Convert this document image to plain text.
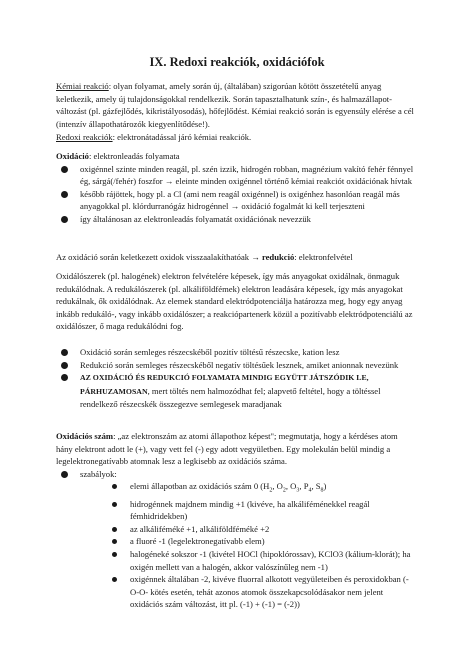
IX. Redoxi reakciók, oxidációfok
Kémiai reakció: olyan folyamat, amely során új, (általában) szigorúan kötött összetételű anyag keletkezik, amely új tulajdonságokkal rendelkezik. Során tapasztalhatunk szín-, és halmazállapot-változást (pl. gázfejlődés, kikristályosodás), hőfejlődést. Kémiai reakció során is egyensúly elérése a cél (intenzív állapothatározók kiegyenlítődése!).
Redoxi reakciók: elektronátadással járó kémiai reakciók.
Oxidáció: elektronleadás folyamata
oxigénnel szinte minden reagál, pl. szén izzik, hidrogén robban, magnézium vakító fehér fénnyel ég, sárgá(/fehér) foszfor → eleinte minden oxigénnel történő kémiai reakciót oxidációnak hívtak
később rájöttek, hogy pl. a Cl (ami nem reagál oxigénnel) is oxigénhez hasonlóan reagál más anyagokkal pl. klórdurranógáz hidrogénnel → oxidáció fogalmát ki kell terjeszteni
így általánosan az elektronleadás folyamatát oxidációnak nevezzük
Az oxidáció során keletkezett oxidok visszaalakíthatóak → redukció: elektronfelvétel
Oxidálószerek (pl. halogének) elektron felvételére képesek, így más anyagokat oxidálnak, önmaguk redukálódnak. A redukálószerek (pl. alkáliföldfémek) elektron leadására képesek, így más anyagokat redukálnak, ők oxidálódnak. Az elemek standard elektródpotenciálja határozza meg, hogy egy anyag inkább redukáló-, vagy inkább oxidálószer; a reakciópartenerk közül a pozitívabb elektródpotenciálú az oxidálószer, ő maga redukálódni fog.
Oxidáció során semleges részecskéből pozitív töltésű részecske, kation lesz
Redukció során semleges részecskéből negatív töltésűek lesznek, amiket anionnak nevezünk
AZ OXIDÁCIÓ ÉS REDUKCIÓ FOLYAMATA MINDIG EGYÜTT JÁTSZÓDIK LE,
PÁRHUZAMOSAN, mert töltés nem halmozódhat fel; alapvető feltétel, hogy a töltéssel rendelkező részecskék összegezve semlegesek maradjanak
Oxidációs szám: „az elektronszám az atomi állapothoz képest"; megmutatja, hogy a kérdéses atom hány elektront adott le (+), vagy vett fel (-) egy adott vegyületben. Egy molekulán belül mindig a legelektronegatívabb atomnak lesz a legkisebb az oxidációs száma.
szabályok:
elemi állapotban az oxidációs szám 0 ($H_2$, $O_2$, $O_3$, $P_4$, $S_8$)
hidrogénnek majdnem mindig +1 (kivéve, ha alkáliféménekkel reagál fémhidridekben)
az alkáliféméké +1, alkáliföldféméké +2
a fluoré -1 (legelektronegatívabb elem)
halogéneké sokszor -1 (kivétel HOCl (hipoklórossav), KClO3 (kálium-klorát); ha oxigén mellett van a halogén, akkor valószínűleg nem -1)
oxigénnek általában -2, kivéve fluorral alkotott vegyületeiben és peroxidokban (-O-O- kötés esetén, tehát azonos atomok összekapcsolódásakor nem jelent oxidációs szám változást, itt pl. (-1) + (-1) = (-2))
